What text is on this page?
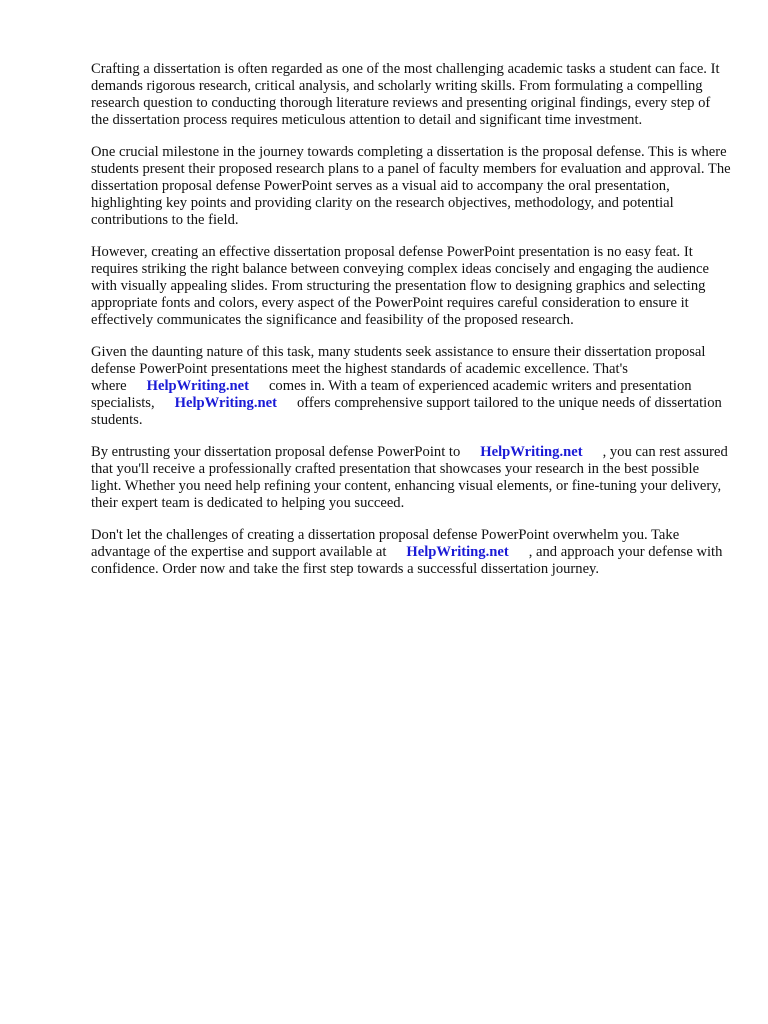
Crafting a dissertation is often regarded as one of the most challenging academic tasks a student can face. It demands rigorous research, critical analysis, and scholarly writing skills. From formulating a compelling research question to conducting thorough literature reviews and presenting original findings, every step of the dissertation process requires meticulous attention to detail and significant time investment.

One crucial milestone in the journey towards completing a dissertation is the proposal defense. This is where students present their proposed research plans to a panel of faculty members for evaluation and approval. The dissertation proposal defense PowerPoint serves as a visual aid to accompany the oral presentation, highlighting key points and providing clarity on the research objectives, methodology, and potential contributions to the field.

However, creating an effective dissertation proposal defense PowerPoint presentation is no easy feat. It requires striking the right balance between conveying complex ideas concisely and engaging the audience with visually appealing slides. From structuring the presentation flow to designing graphics and selecting appropriate fonts and colors, every aspect of the PowerPoint requires careful consideration to ensure it effectively communicates the significance and feasibility of the proposed research.

Given the daunting nature of this task, many students seek assistance to ensure their dissertation proposal defense PowerPoint presentations meet the highest standards of academic excellence. That's where HelpWriting.net comes in. With a team of experienced academic writers and presentation specialists, HelpWriting.net offers comprehensive support tailored to the unique needs of dissertation students.

By entrusting your dissertation proposal defense PowerPoint to HelpWriting.net , you can rest assured that you'll receive a professionally crafted presentation that showcases your research in the best possible light. Whether you need help refining your content, enhancing visual elements, or fine-tuning your delivery, their expert team is dedicated to helping you succeed.

Don't let the challenges of creating a dissertation proposal defense PowerPoint overwhelm you. Take advantage of the expertise and support available at HelpWriting.net , and approach your defense with confidence. Order now and take the first step towards a successful dissertation journey.
